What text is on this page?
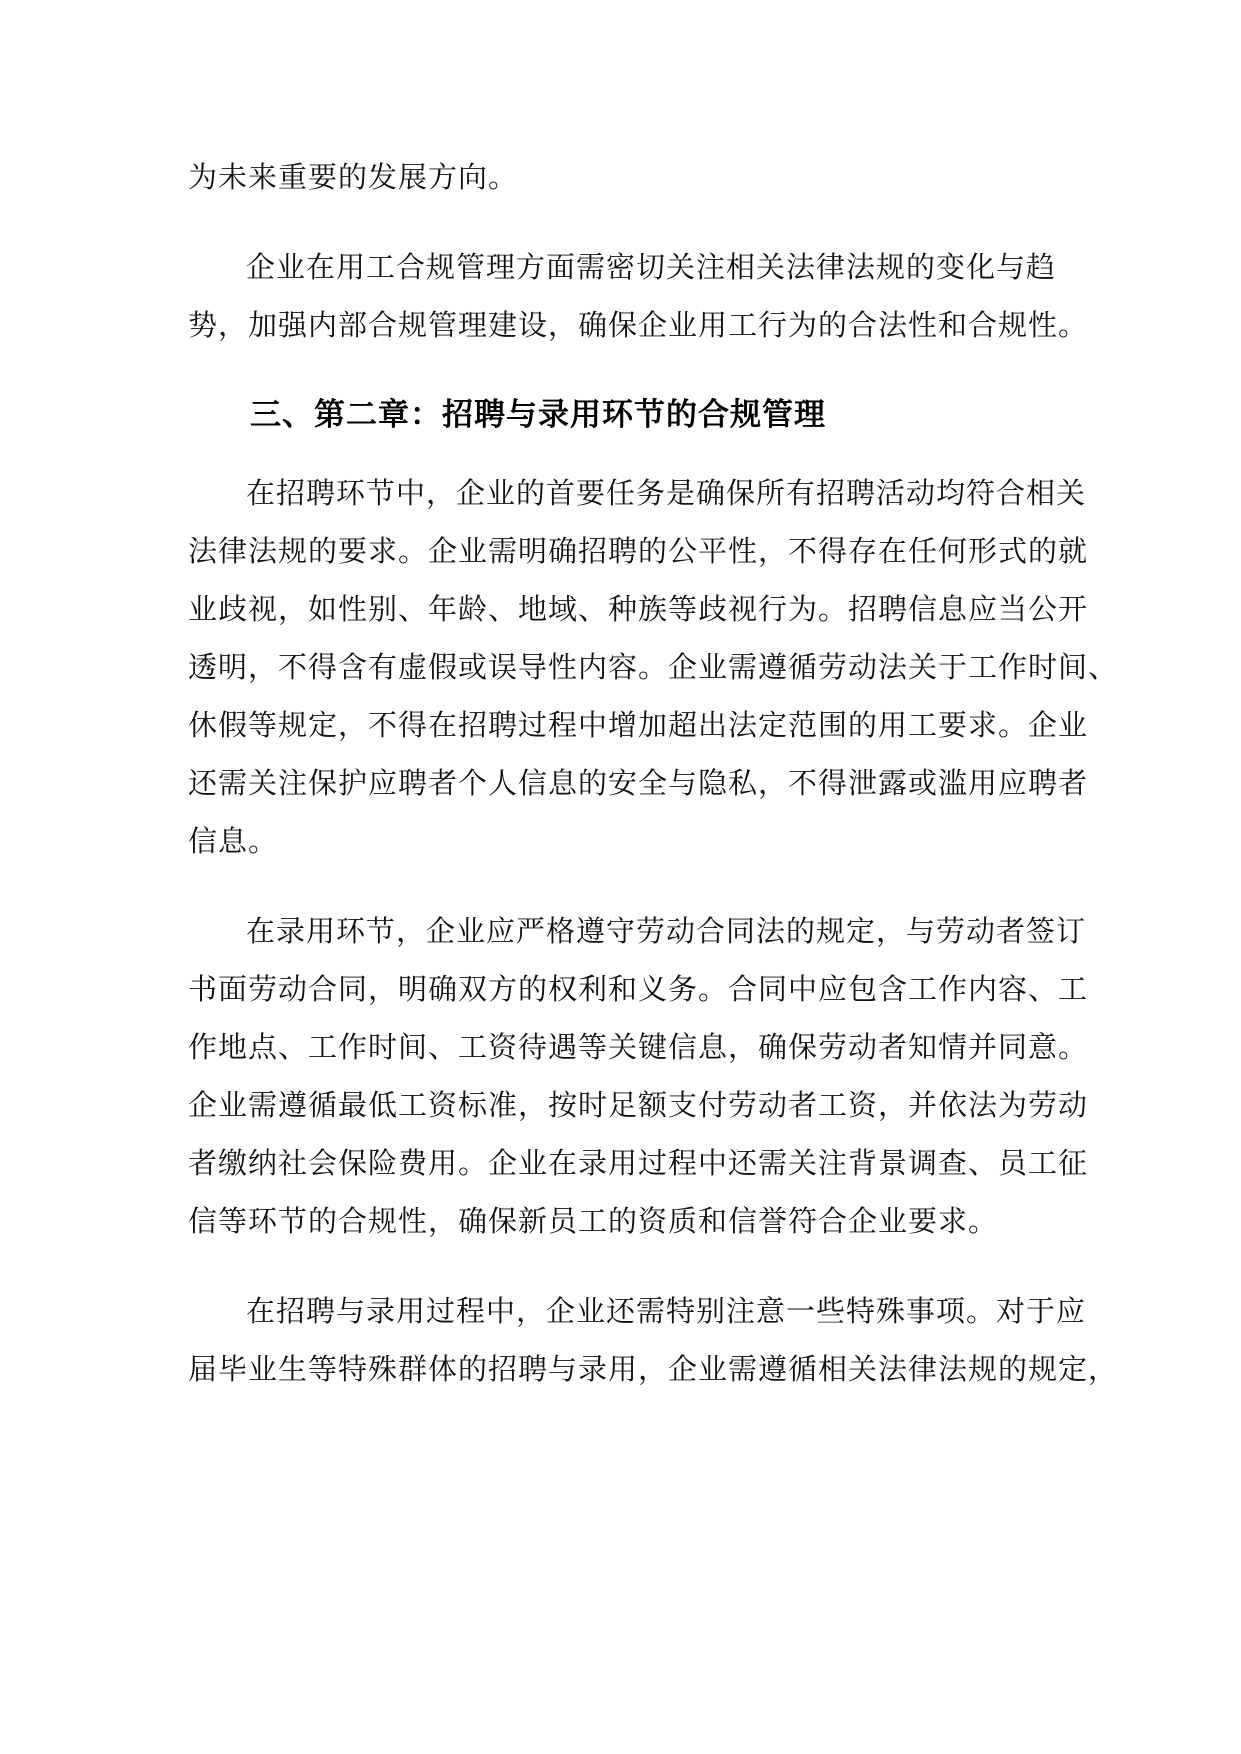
为未来重要的发展方向。
企业在用工合规管理方面需密切关注相关法律法规的变化与趋
势，加强内部合规管理建设，确保企业用工行为的合法性和合规性。
三、第二章：招聘与录用环节的合规管理
在招聘环节中，企业的首要任务是确保所有招聘活动均符合相关
法律法规的要求。企业需明确招聘的公平性，不得存在任何形式的就
业歧视，如性别、年龄、地域、种族等歧视行为。招聘信息应当公开
透明，不得含有虚假或误导性内容。企业需遵循劳动法关于工作时间、
休假等规定，不得在招聘过程中增加超出法定范围的用工要求。企业
还需关注保护应聘者个人信息的安全与隐私，不得泄露或滥用应聘者
信息。
在录用环节，企业应严格遵守劳动合同法的规定，与劳动者签订
书面劳动合同，明确双方的权利和义务。合同中应包含工作内容、工
作地点、工作时间、工资待遇等关键信息，确保劳动者知情并同意。
企业需遵循最低工资标准，按时足额支付劳动者工资，并依法为劳动
者缴纳社会保险费用。企业在录用过程中还需关注背景调查、员工征
信等环节的合规性，确保新员工的资质和信誉符合企业要求。
在招聘与录用过程中，企业还需特别注意一些特殊事项。对于应
届毕业生等特殊群体的招聘与录用，企业需遵循相关法律法规的规定，
